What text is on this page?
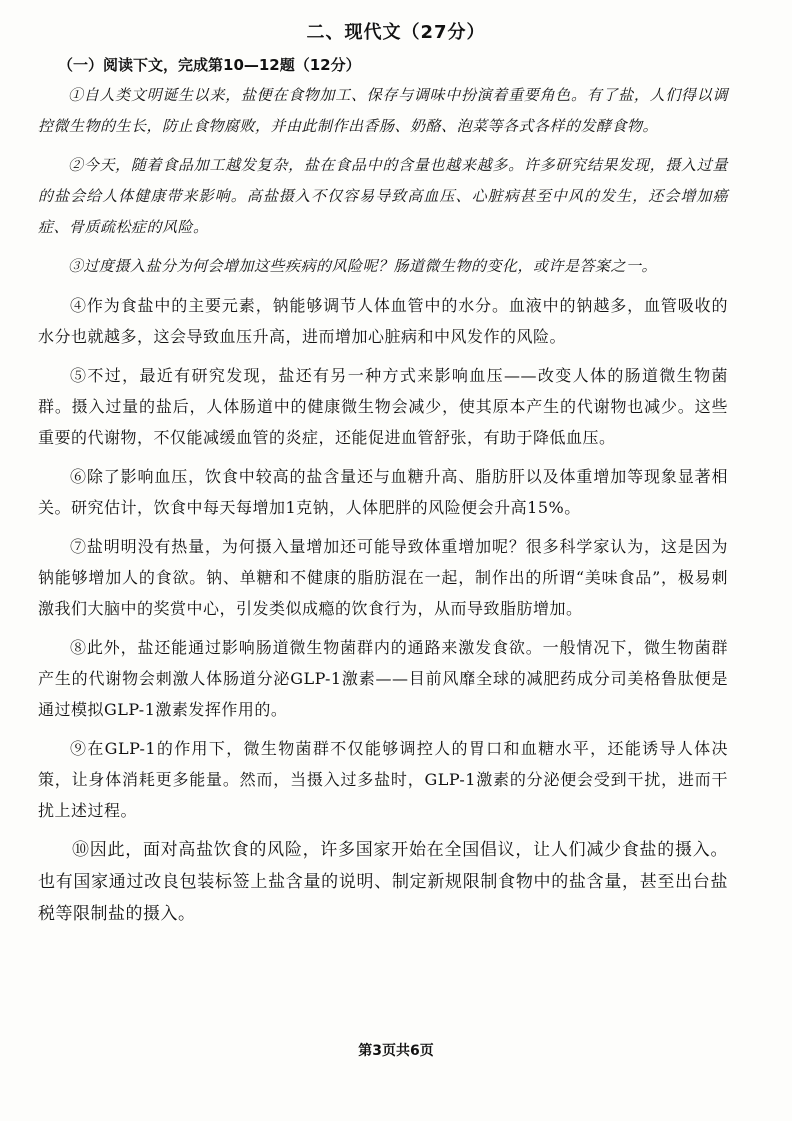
二、现代文（27分）
（一）阅读下文，完成第10—12题（12分）

①自人类文明诞生以来，盐便在食物加工、保存与调味中扮演着重要角色。有了盐，人们得以调控微生物的生长，防止食物腐败，并由此制作出香肠、奶酪、泡菜等各式各样的发酵食物。

②今天，随着食品加工越发复杂，盐在食品中的含量也越来越多。许多研究结果发现，摄入过量的盐会给人体健康带来影响。高盐摄入不仅容易导致高血压、心脏病甚至中风的发生，还会增加癌症、骨质疏松症的风险。

③过度摄入盐分为何会增加这些疾病的风险呢？肠道微生物的变化，或许是答案之一。

④作为食盐中的主要元素，钠能够调节人体血管中的水分。血液中的钠越多，血管吸收的水分也就越多，这会导致血压升高，进而增加心脏病和中风发作的风险。

⑤不过，最近有研究发现，盐还有另一种方式来影响血压——改变人体的肠道微生物菌群。摄入过量的盐后，人体肠道中的健康微生物会减少，使其原本产生的代谢物也减少。这些重要的代谢物，不仅能减缓血管的炎症，还能促进血管舒张，有助于降低血压。

⑥除了影响血压，饮食中较高的盐含量还与血糖升高、脂肪肝以及体重增加等现象显著相关。研究估计，饮食中每天每增加1克钠，人体肥胖的风险便会升高15%。

⑦盐明明没有热量，为何摄入量增加还可能导致体重增加呢？很多科学家认为，这是因为钠能够增加人的食欲。钠、单糖和不健康的脂肪混在一起，制作出的所谓“美味食品”，极易刺激我们大脑中的奖赏中心，引发类似成瘾的饮食行为，从而导致脂肪增加。

⑧此外，盐还能通过影响肠道微生物菌群内的通路来激发食欲。一般情况下，微生物菌群产生的代谢物会刺激人体肠道分泌GLP-1激素——目前风靡全球的减肥药成分司美格鲁肽便是通过模拟GLP-1激素发挥作用的。

⑨在GLP-1的作用下，微生物菌群不仅能够调控人的胃口和血糖水平，还能诱导人体决策，让身体消耗更多能量。然而，当摄入过多盐时，GLP-1激素的分泌便会受到干扰，进而干扰上述过程。

⑩因此，面对高盐饮食的风险，许多国家开始在全国倡议，让人们减少食盐的摄入。也有国家通过改良包装标签上盐含量的说明、制定新规限制食物中的盐含量，甚至出台盐税等限制盐的摄入。

第3页共6页
